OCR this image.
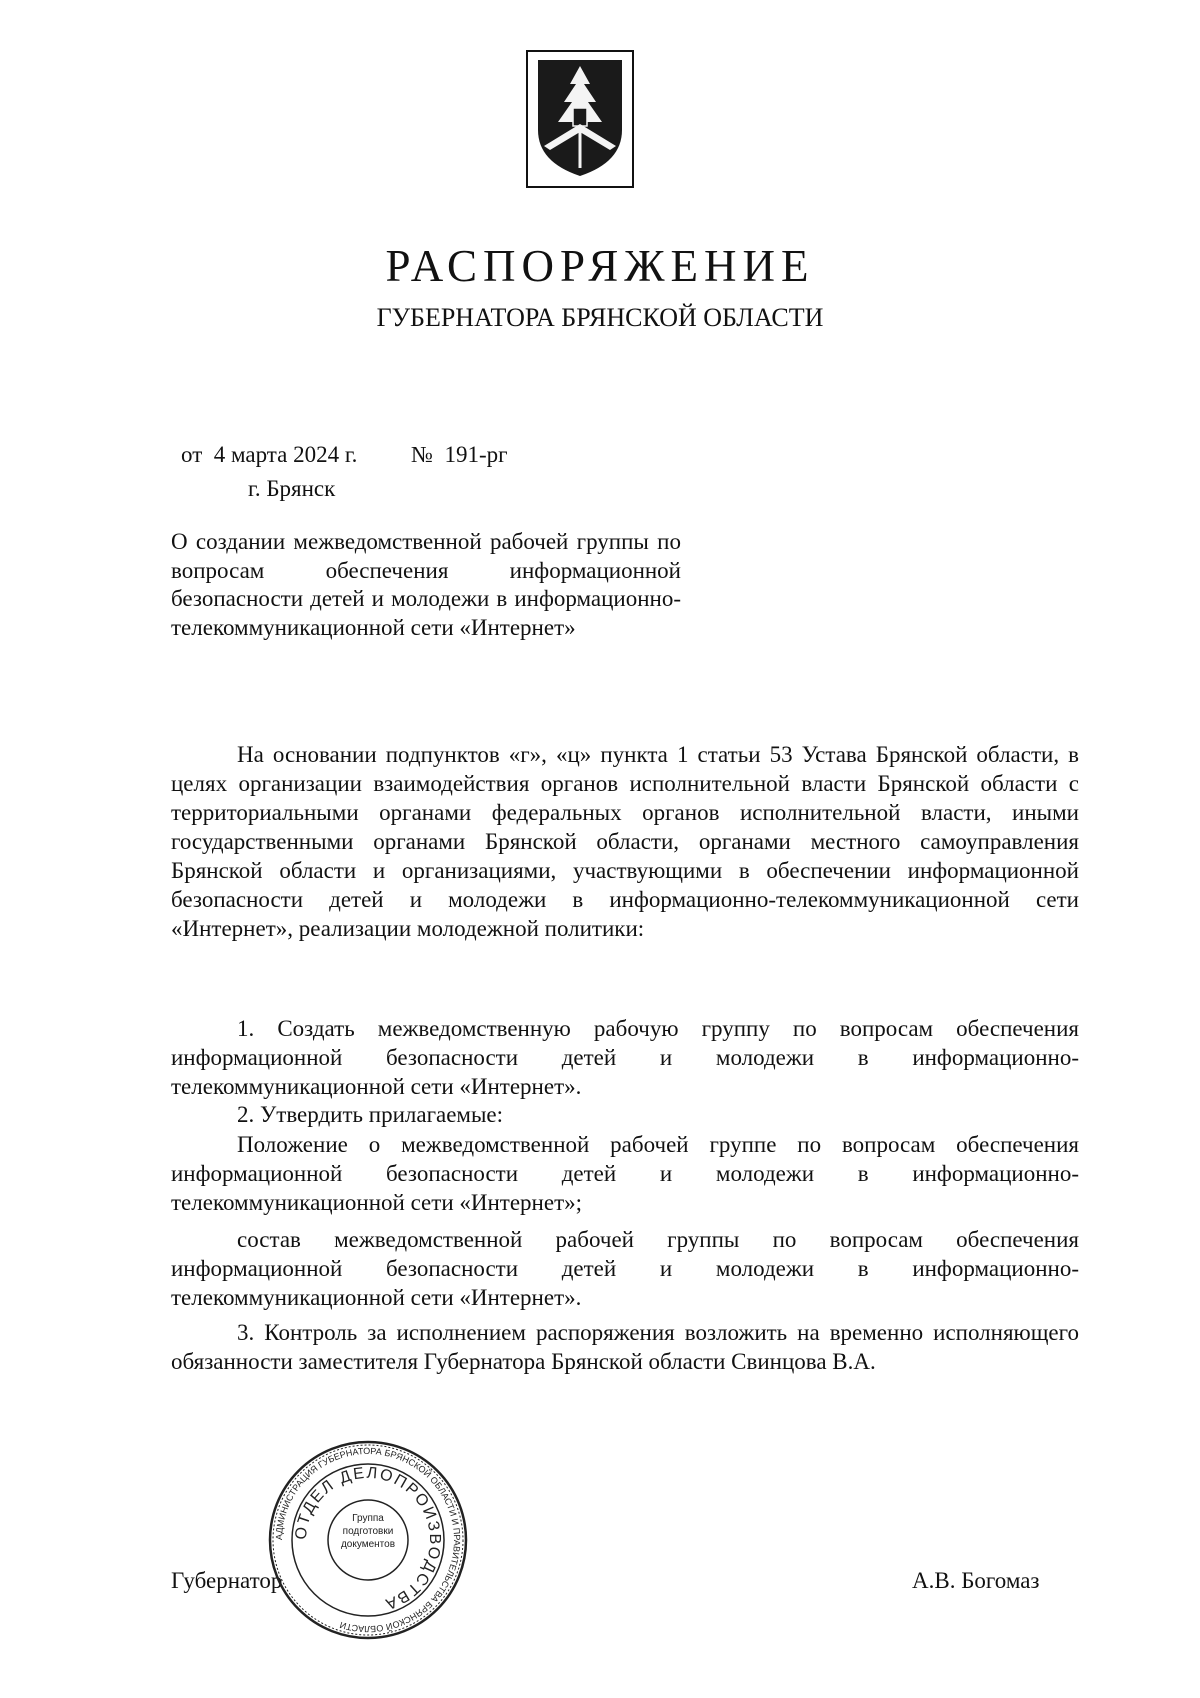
РАСПОРЯЖЕНИЕ
ГУБЕРНАТОРА БРЯНСКОЙ ОБЛАСТИ
от  4 марта 2024 г. №  191-рг
г. Брянск

О создании межведомственной рабочей группы по вопросам обеспечения информационной безопасности детей и молодежи в информационно-телекоммуникационной сети «Интернет»

На основании подпунктов «г», «ц» пункта 1 статьи 53 Устава Брянской области, в целях организации взаимодействия органов исполнительной власти Брянской области с территориальными органами федеральных органов исполнительной власти, иными государственными органами Брянской области, органами местного самоуправления Брянской области и организациями, участвующими в обеспечении информационной безопасности детей и молодежи в информационно-телекоммуникационной сети «Интернет», реализации молодежной политики:

1. Создать межведомственную рабочую группу по вопросам обеспечения информационной безопасности детей и молодежи в информационно-телекоммуникационной сети «Интернет».

2. Утвердить прилагаемые:

Положение о межведомственной рабочей группе по вопросам обеспечения информационной безопасности детей и молодежи в информационно-телекоммуникационной сети «Интернет»;

состав межведомственной рабочей группы по вопросам обеспечения информационной безопасности детей и молодежи в информационно-телекоммуникационной сети «Интернет».

3. Контроль за исполнением распоряжения возложить на временно исполняющего обязанности заместителя Губернатора Брянской области Свинцова В.А.

Губернатор	А.В. Богомаз
АДМИНИСТРАЦИЯ ГУБЕРНАТОРА БРЯНСКОЙ ОБЛАСТИ И ПРАВИТЕЛЬСТВА БРЯНСКОЙ ОБЛАСТИ
ОТДЕЛ ДЕЛОПРОИЗВОДСТВА
Группа подготовки документов
